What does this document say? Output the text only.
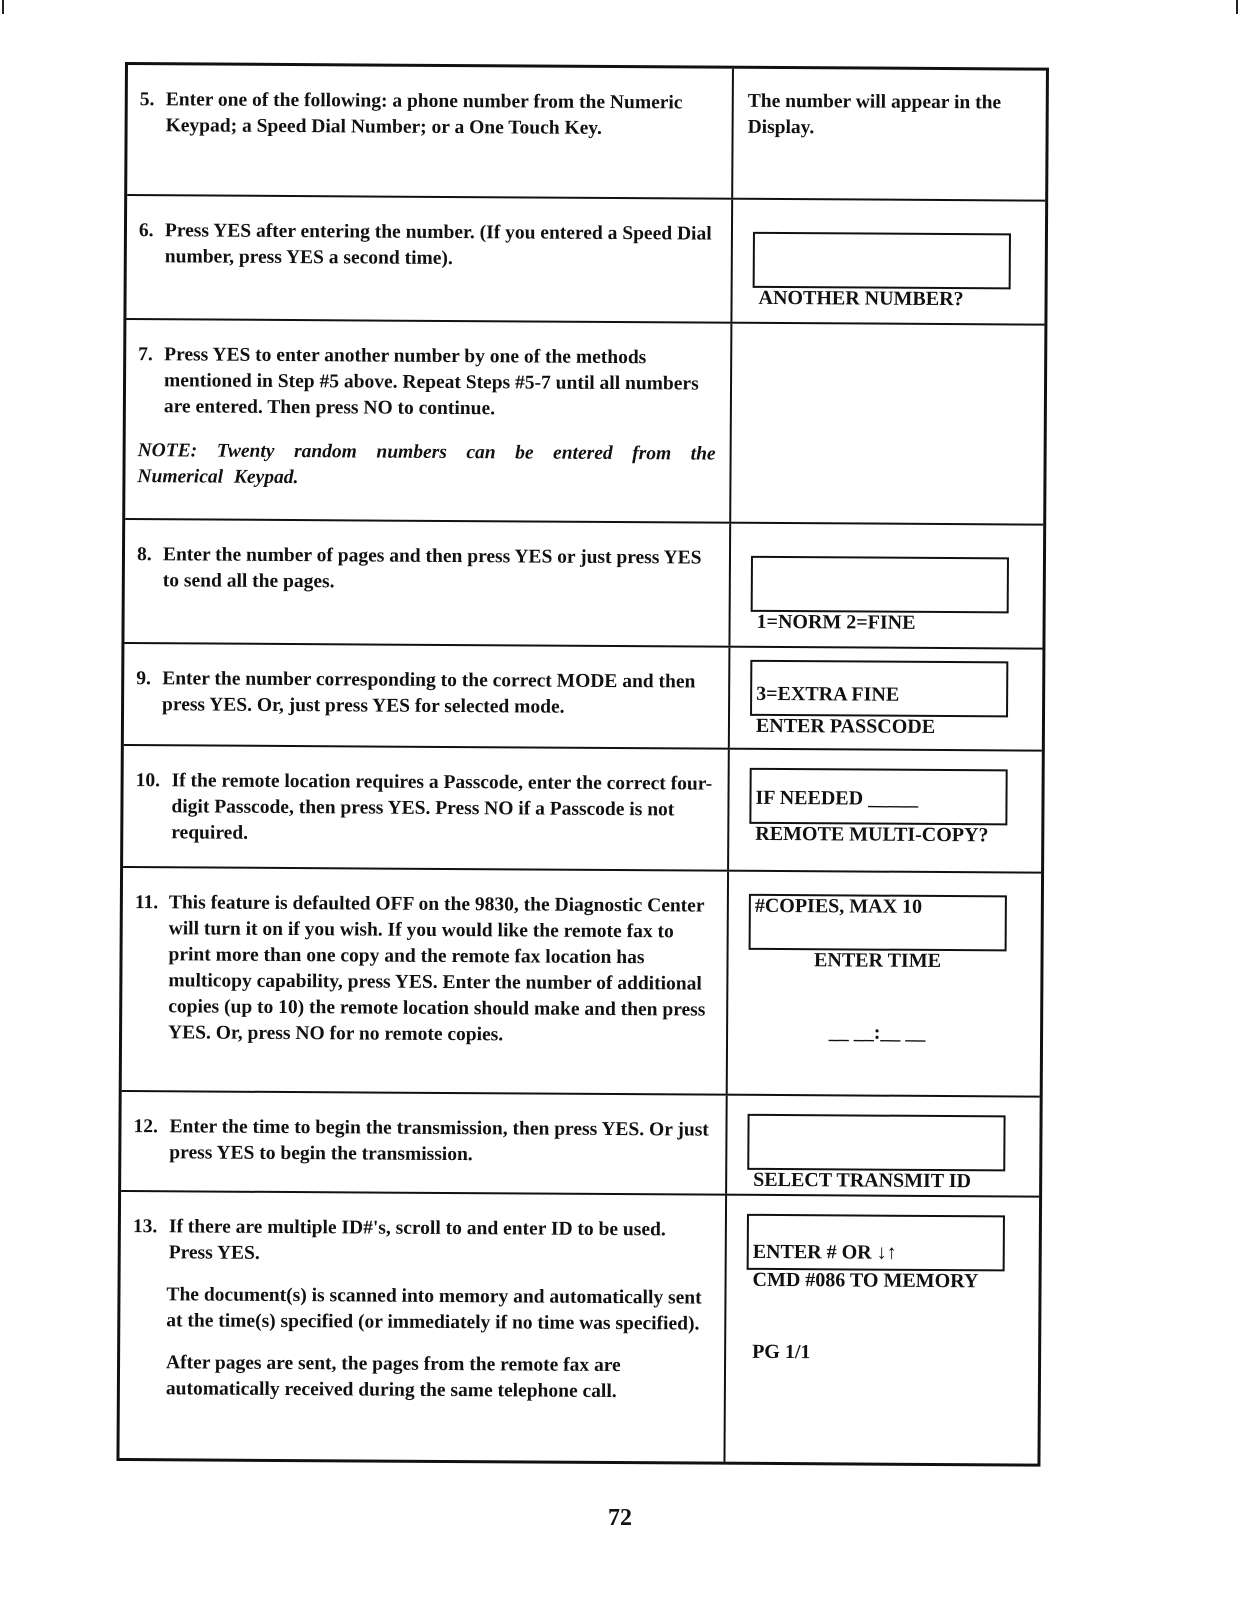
5. Enter one of the following: a phone number from the Numeric Keypad; a Speed Dial Number; or a One Touch Key.
The number will appear in the Display.
6. Press YES after entering the number. (If you entered a Speed Dial number, press YES a second time).

ANOTHER NUMBER?

7. Press YES to enter another number by one of the methods mentioned in Step #5 above. Repeat Steps #5-7 until all numbers are entered. Then press NO to continue.
NOTE: Twenty random numbers can be entered from the Numerical Keypad.
8. Enter the number of pages and then press YES or just press YES to send all the pages.

1=NORM 2=FINE

3=EXTRA FINE

9. Enter the number corresponding to the correct MODE and then press YES. Or, just press YES for selected mode.

ENTER PASSCODE

IF NEEDED _____

10. If the remote location requires a Passcode, enter the correct four-digit Passcode, then press YES. Press NO if a Passcode is not required.

	REMOTE MULTI-COPY?

#COPIES, MAX 10

11. This feature is defaulted OFF on the 9830, the Diagnostic Center will turn it on if you wish. If you would like the remote fax to print more than one copy and the remote fax location has multicopy capability, press YES. Enter the number of additional copies (up to 10) the remote location should make and then press YES. Or, press NO for no remote copies.

ENTER TIME

__ __:__ __

12. Enter the time to begin the transmission, then press YES. Or just press YES to begin the transmission.

SELECT TRANSMIT ID

ENTER # OR ↓↑

13. If there are multiple ID#'s, scroll to and enter ID to be used. Press YES.
The document(s) is scanned into memory and automatically sent at the time(s) specified (or immediately if no time was specified).
After pages are sent, the pages from the remote fax are automatically received during the same telephone call.

CMD #086 TO MEMORY

PG 1/1

72
